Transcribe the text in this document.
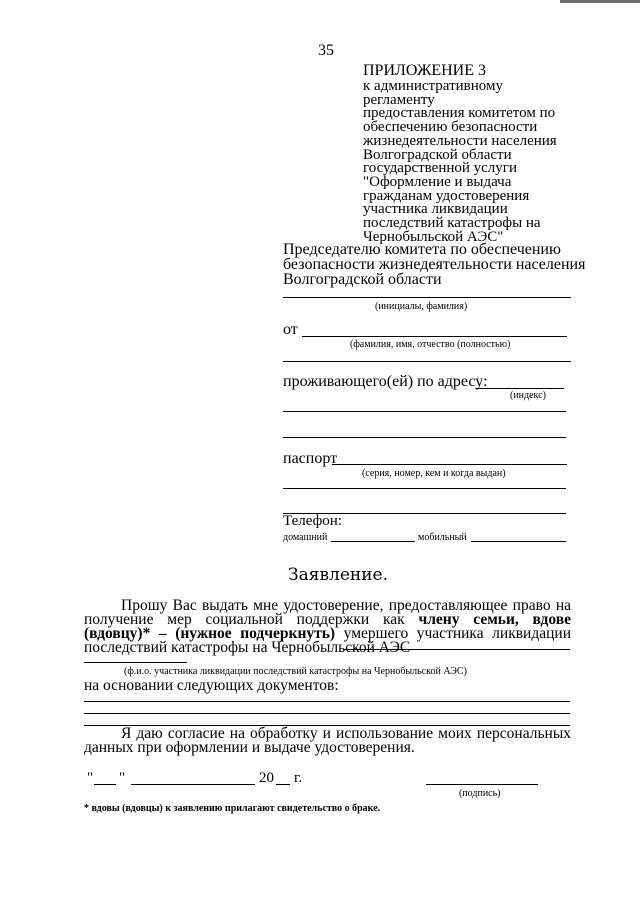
35
ПРИЛОЖЕНИЕ 3
к административному
регламенту
предоставления комитетом по
обеспечению безопасности
жизнедеятельности населения
Волгоградской области
государственной услуги
"Оформление и выдача
гражданам удостоверения
участника ликвидации
последствий катастрофы на
Чернобыльской АЭС"
Председателю комитета по обеспечению
безопасности жизнедеятельности населения
Волгоградской области
(инициалы, фамилия)
от
(фамилия, имя, отчество (полностью)
проживающего(ей) по адресу:
(индекс)
паспорт
(серия, номер, кем и когда выдан)
Телефон:
домашний	мобильный
Заявление.
Прошу Вас выдать мне удостоверение, предоставляющее право на получение мер социальной поддержки как члену семьи, вдове (вдовцу)* – (нужное подчеркнуть) умершего участника ликвидации последствий катастрофы на Чернобыльской АЭС
(ф.и.о. участника ликвидации последствий катастрофы на Чернобыльской АЭС)
на основании следующих документов:
Я даю согласие на обработку и использование моих персональных данных при оформлении и выдаче удостоверения.
" "	20 г.
(подпись)
* вдовы (вдовцы) к заявлению прилагают свидетельство о браке.
